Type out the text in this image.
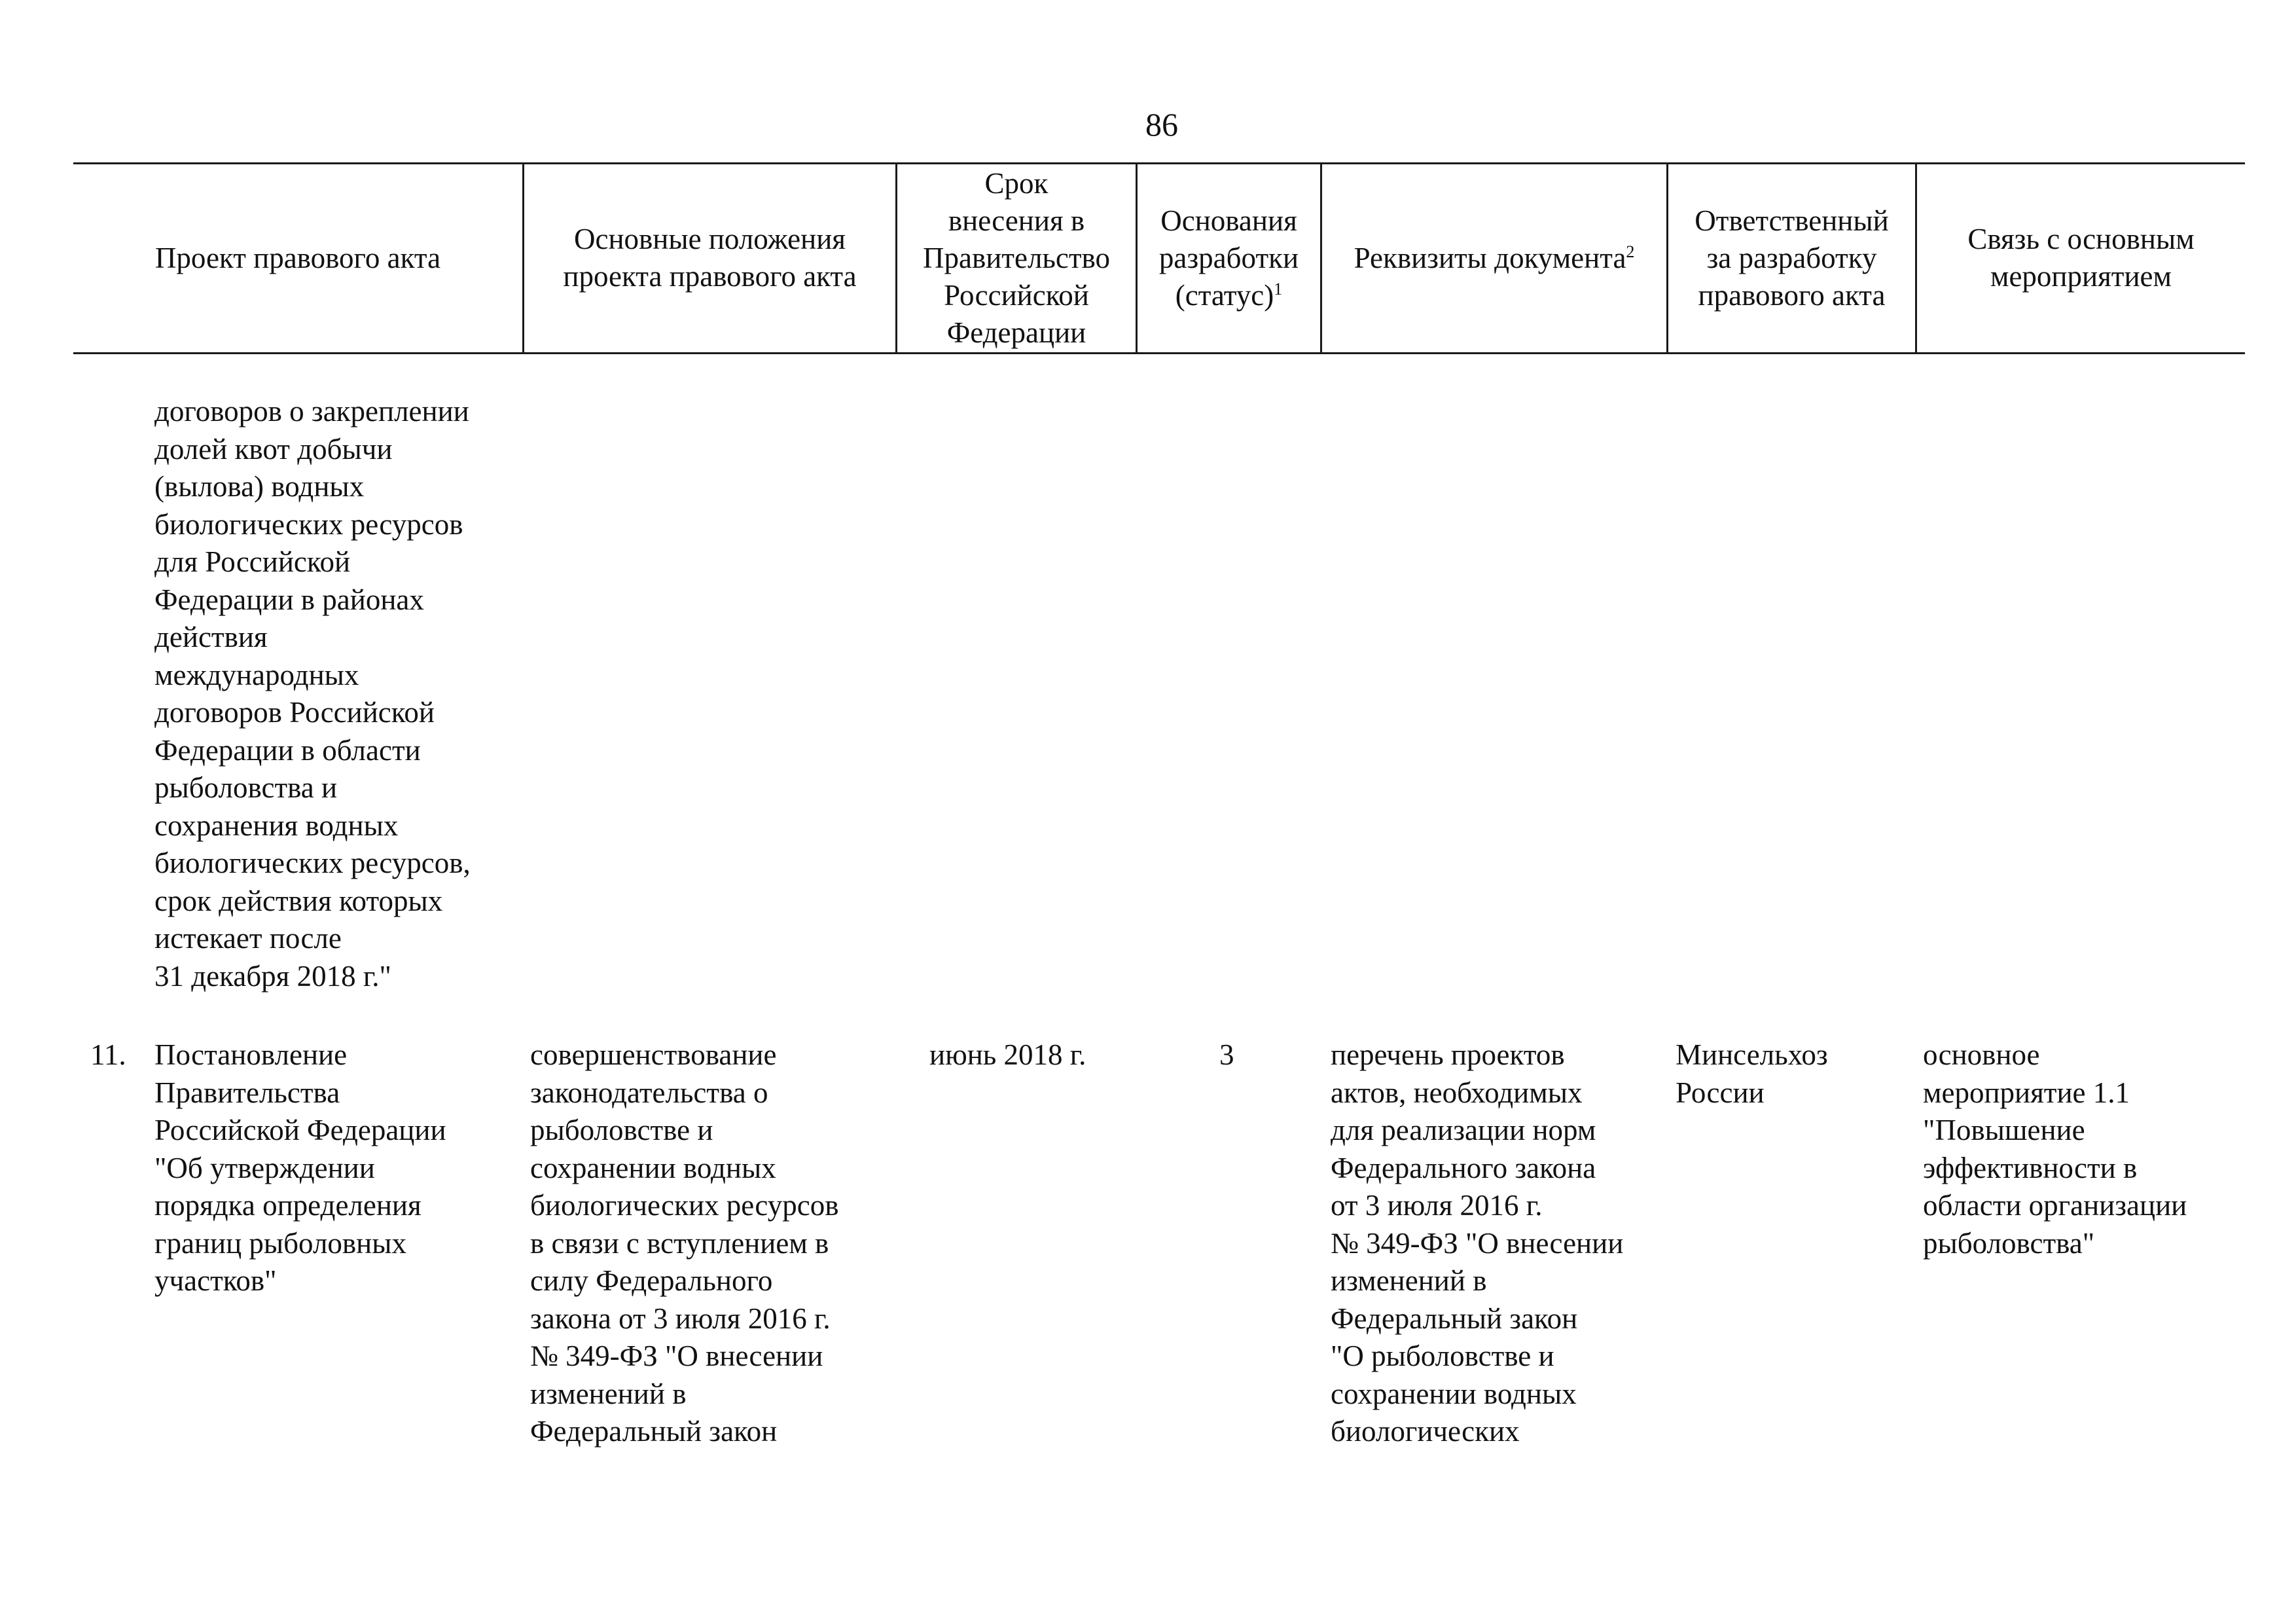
86
Проект правового акта
Основные положения
проекта правового акта
Срок
внесения в
Правительство
Российской
Федерации
Основания
разработки
(статус)$^1$
Реквизиты документа$^2$
Ответственный
за разработку
правового акта
Связь с основным
мероприятием
договоров о закреплении
долей квот добычи
(вылова) водных
биологических ресурсов
для Российской
Федерации в районах
действия
международных
договоров Российской
Федерации в области
рыболовства и
сохранения водных
биологических ресурсов,
срок действия которых
истекает после
31 декабря 2018 г."
11. Постановление
Правительства
Российской Федерации
"Об утверждении
порядка определения
границ рыболовных
участков"
совершенствование
законодательства о
рыболовстве и
сохранении водных
биологических ресурсов
в связи с вступлением в
силу Федерального
закона от 3 июля 2016 г.
№ 349-ФЗ "О внесении
изменений в
Федеральный закон
июнь 2018 г.	3	перечень проектов
актов, необходимых
для реализации норм
Федерального закона
от 3 июля 2016 г.
№ 349-ФЗ "О внесении
изменений в
Федеральный закон
"О рыболовстве и
сохранении водных
биологических
Минсельхоз
России
основное
мероприятие 1.1
"Повышение
эффективности в
области организации
рыболовства"
